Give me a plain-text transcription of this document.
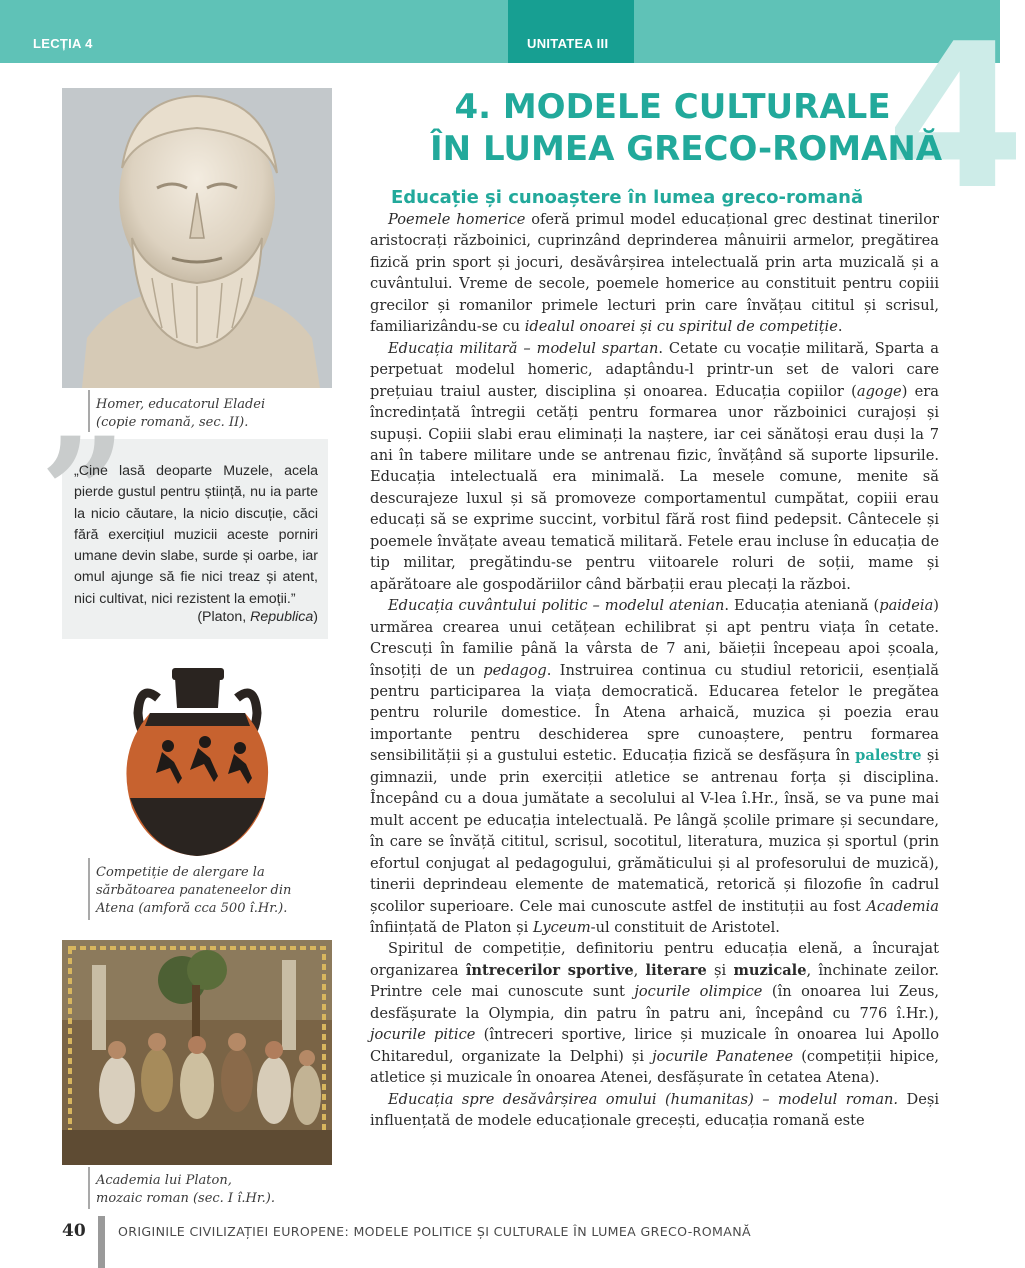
LECȚIA 4	UNITATEA III 4
4. MODELE CULTURALE
ÎN LUMEA GRECO-ROMANĂ
Educație și cunoaștere în lumea greco-romană
Homer, educatorul Eladei
(copie romană, sec. II).
”
„Cine lasă deoparte Muzele, acela pierde gustul pentru știință, nu ia parte la nicio căutare, la nicio discuție, căci fără exercițiul muzicii aceste porniri umane devin slabe, surde și oarbe, iar omul ajunge să fie nici treaz și atent, nici cultivat, nici rezistent la emoții.”
(Platon, Republica)
Competiție de alergare la
sărbătoarea panateneelor din
Atena (amforă cca 500 î.Hr.).
Academia lui Platon,
mozaic roman (sec. I î.Hr.).

Poemele homerice oferă primul model educațional grec destinat tinerilor aristocrați războinici, cuprinzând deprinderea mânuirii armelor, pregătirea fizică prin sport și jocuri, desăvârșirea intelectuală prin arta muzicală și a cuvântului. Vreme de secole, poemele homerice au constituit pentru copiii grecilor și romanilor primele lecturi prin care învățau cititul și scrisul, familiarizându-se cu idealul onoarei și cu spiritul de competiție.

Educația militară – modelul spartan. Cetate cu vocație militară, Sparta a perpetuat modelul homeric, adaptându-l printr-un set de valori care prețuiau traiul auster, disciplina și onoarea. Educația copiilor (agoge) era încredințată întregii cetăți pentru formarea unor războinici curajoși și supuși. Copiii slabi erau eliminați la naștere, iar cei sănătoși erau duși la 7 ani în tabere militare unde se antrenau fizic, învățând să suporte lipsurile. Educația intelectuală era minimală. La mesele comune, menite să descurajeze luxul și să promoveze comportamentul cumpătat, copiii erau educați să se exprime succint, vorbitul fără rost fiind pedepsit. Cântecele și poemele învățate aveau tematică militară. Fetele erau incluse în educația de tip militar, pregătindu-se pentru viitoarele roluri de soții, mame și apărătoare ale gospodăriilor când bărbații erau plecați la război.

Educația cuvântului politic – modelul atenian. Educația ateniană (paideia) urmărea crearea unui cetățean echilibrat și apt pentru viața în cetate. Crescuți în familie până la vârsta de 7 ani, băieții începeau apoi școala, însoțiți de un pedagog. Instruirea continua cu studiul retoricii, esențială pentru participarea la viața democratică. Educarea fetelor le pregătea pentru rolurile domestice. În Atena arhaică, muzica și poezia erau importante pentru deschiderea spre cunoaștere, pentru formarea sensibilității și a gustului estetic. Educația fizică se desfășura în palestre și gimnazii, unde prin exerciții atletice se antrenau forța și disciplina. Începând cu a doua jumătate a secolului al V-lea î.Hr., însă, se va pune mai mult accent pe educația intelectuală. Pe lângă școlile primare și secundare, în care se învăță cititul, scrisul, socotitul, literatura, muzica și sportul (prin efortul conjugat al pedagogului, grămăticului și al profesorului de muzică), tinerii deprindeau elemente de matematică, retorică și filozofie în cadrul școlilor superioare. Cele mai cunoscute astfel de instituții au fost Academia înființată de Platon și Lyceum-ul constituit de Aristotel.

Spiritul de competiție, definitoriu pentru educația elenă, a încurajat organizarea întrecerilor sportive, literare și muzicale, închinate zeilor. Printre cele mai cunoscute sunt jocurile olimpice (în onoarea lui Zeus, desfășurate la Olympia, din patru în patru ani, începând cu 776 î.Hr.), jocurile pitice (întreceri sportive, lirice și muzicale în onoarea lui Apollo Chitaredul, organizate la Delphi) și jocurile Panatenee (competiții hipice, atletice și muzicale în onoarea Atenei, desfășurate în cetatea Atena).

Educația spre desăvârșirea omului (humanitas) – modelul roman. Deși influențată de modele educaționale grecești, educația romană este

40	ORIGINILE CIVILIZAȚIEI EUROPENE: MODELE POLITICE ȘI CULTURALE ÎN LUMEA GRECO-ROMANĂ
